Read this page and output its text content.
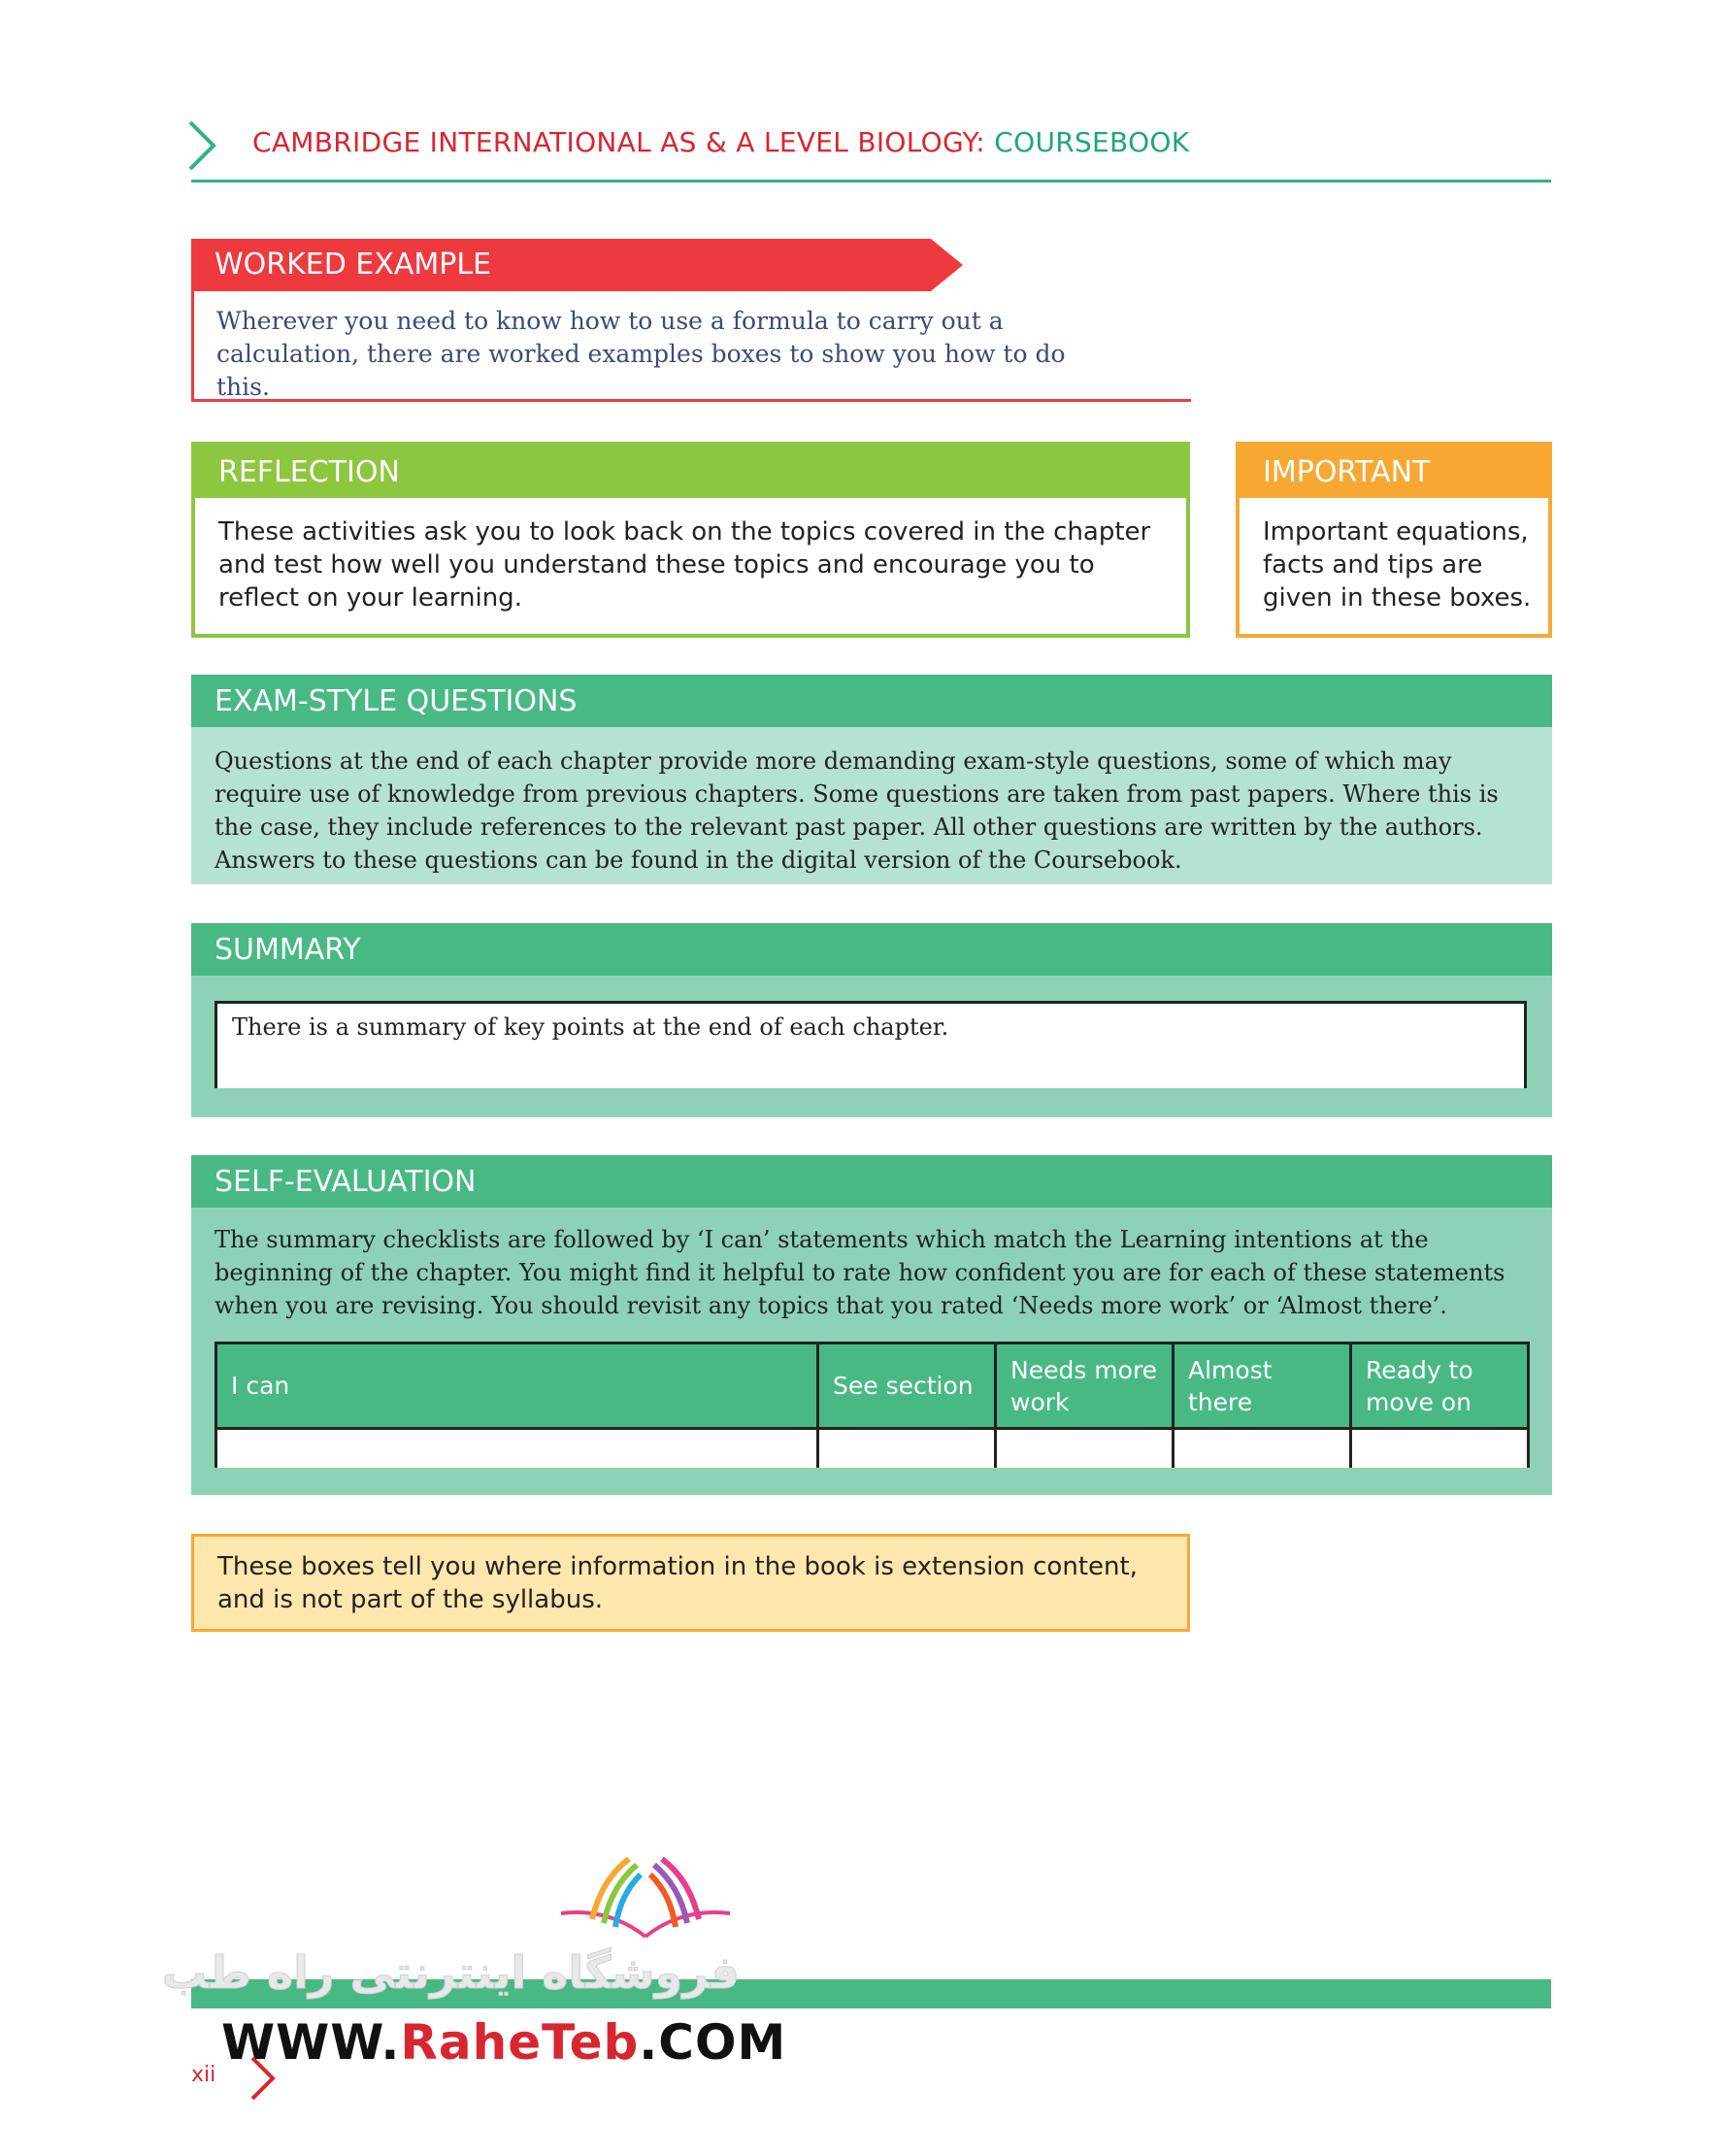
CAMBRIDGE INTERNATIONAL AS & A LEVEL BIOLOGY: COURSEBOOK
WORKED EXAMPLE
Wherever you need to know how to use a formula to carry out a calculation, there are worked examples boxes to show you how to do this.
REFLECTION
These activities ask you to look back on the topics covered in the chapter and test how well you understand these topics and encourage you to reflect on your learning.
IMPORTANT
Important equations, facts and tips are given in these boxes.
EXAM-STYLE QUESTIONS
Questions at the end of each chapter provide more demanding exam-style questions, some of which may require use of knowledge from previous chapters. Some questions are taken from past papers. Where this is the case, they include references to the relevant past paper. All other questions are written by the authors. Answers to these questions can be found in the digital version of the Coursebook.
SUMMARY
There is a summary of key points at the end of each chapter.
SELF-EVALUATION
The summary checklists are followed by ‘I can’ statements which match the Learning intentions at the beginning of the chapter. You might find it helpful to rate how confident you are for each of these statements when you are revising. You should revisit any topics that you rated ‘Needs more work’ or ‘Almost there’.
I can	See section	Needs more work	Almost there	Ready to move on

These boxes tell you where information in the book is extension content, and is not part of the syllabus.
فروشگاه اینترنتی راه طب
WWW.RaheTeb.COM
xii
